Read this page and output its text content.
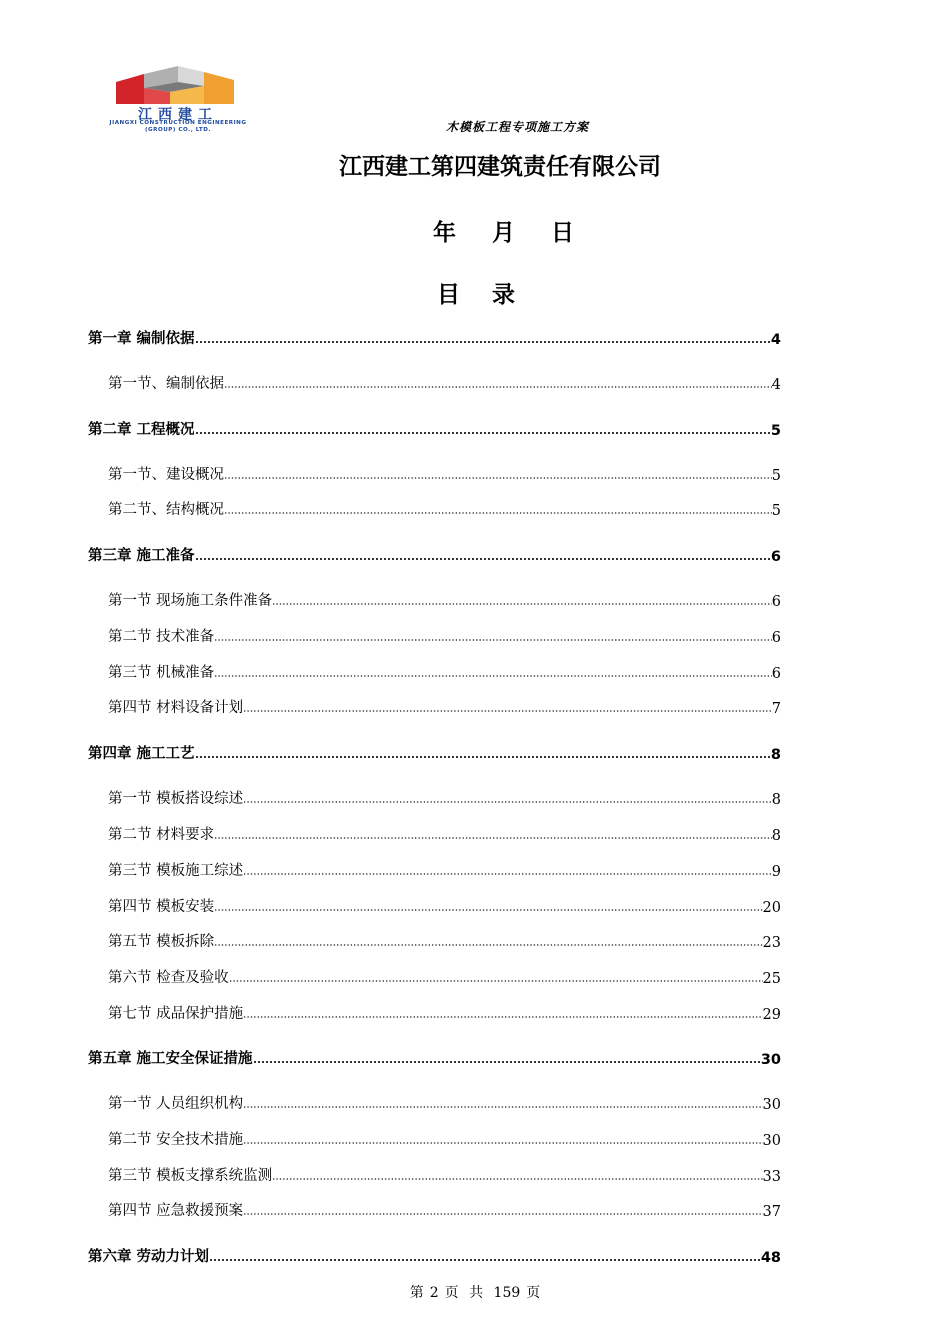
江西建工
JIANGXI CONSTRUCTION ENGINEERING
(GROUP) CO., LTD.	木模板工程专项施工方案
江西建工第四建筑责任有限公司
年 月 日
目 录
第一章 编制依据	4
第一节、编制依据	4
第二章 工程概况	5
第一节、建设概况	5
第二节、结构概况	5
第三章 施工准备	6
第一节 现场施工条件准备	6
第二节 技术准备	6
第三节 机械准备	6
第四节 材料设备计划	7
第四章 施工工艺	8
第一节 模板搭设综述	8
第二节 材料要求	8
第三节 模板施工综述	9
第四节 模板安装	20
第五节 模板拆除	23
第六节 检查及验收	25
第七节 成品保护措施	29
第五章 施工安全保证措施	30
第一节 人员组织机构	30
第二节 安全技术措施	30
第三节 模板支撑系统监测	33
第四节 应急救援预案	37
第六章 劳动力计划	48
第 2 页 共 159 页
